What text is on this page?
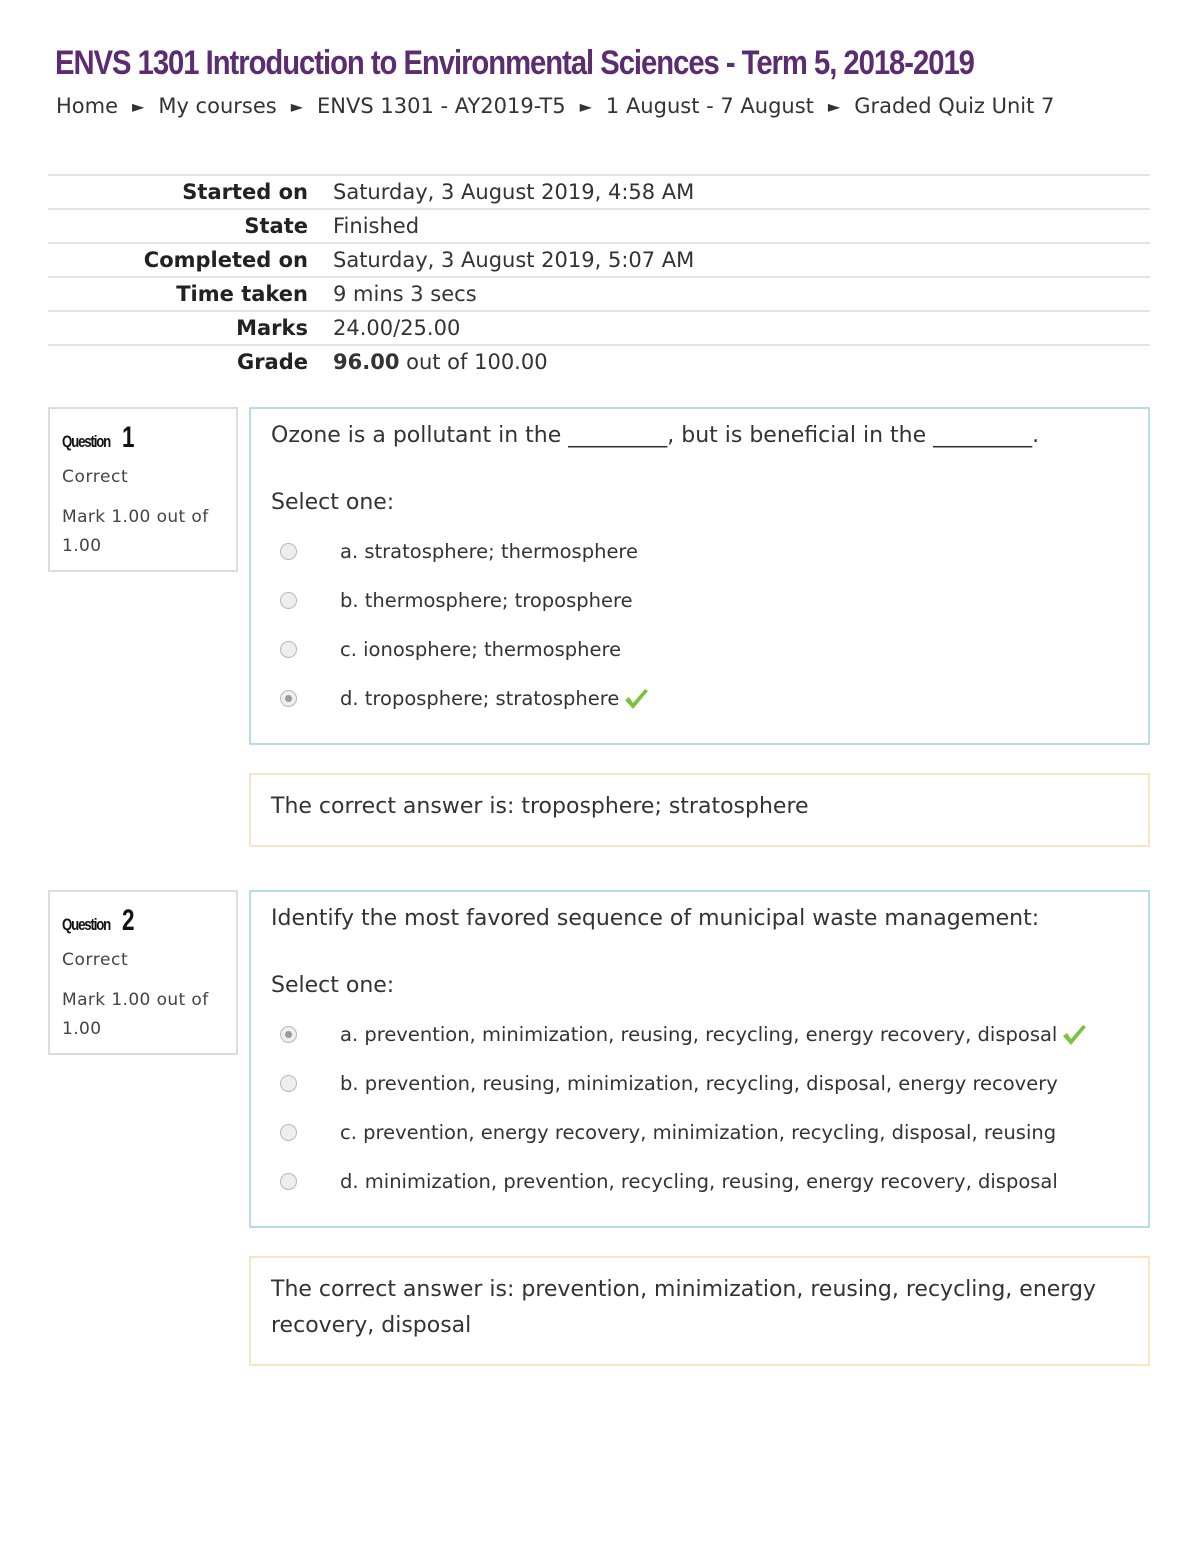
ENVS 1301 Introduction to Environmental Sciences - Term 5, 2018-2019
Home ► My courses ► ENVS 1301 - AY2019-T5 ► 1 August - 7 August ► Graded Quiz Unit 7
Started on	Saturday, 3 August 2019, 4:58 AM
State	Finished
Completed on	Saturday, 3 August 2019, 5:07 AM
Time taken	9 mins 3 secs
Marks	24.00/25.00
Grade	96.00 out of 100.00
Question 1
Correct
Mark 1.00 out of 1.00
Ozone is a pollutant in the _________, but is beneficial in the _________.
Select one:
a. stratosphere; thermosphere
b. thermosphere; troposphere
c. ionosphere; thermosphere
d. troposphere; stratosphere
The correct answer is: troposphere; stratosphere
Question 2
Correct
Mark 1.00 out of 1.00
Identify the most favored sequence of municipal waste management:
Select one:
a. prevention, minimization, reusing, recycling, energy recovery, disposal
b. prevention, reusing, minimization, recycling, disposal, energy recovery
c. prevention, energy recovery, minimization, recycling, disposal, reusing
d. minimization, prevention, recycling, reusing, energy recovery, disposal
The correct answer is: prevention, minimization, reusing, recycling, energy recovery, disposal
